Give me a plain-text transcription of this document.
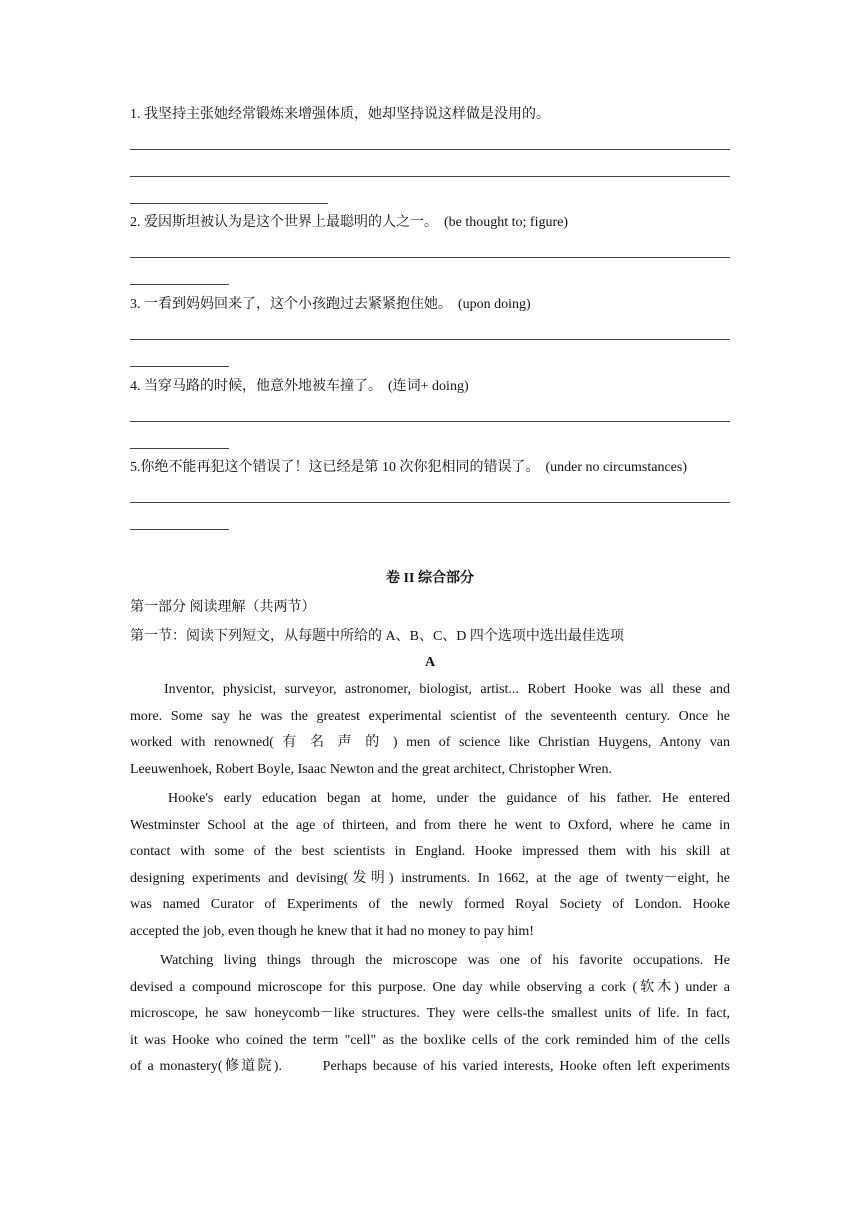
1. 我坚持主张她经常锻炼来增强体质，她却坚持说这样做是没用的。
2. 爱因斯坦被认为是这个世界上最聪明的人之一。 (be thought to; figure)
3. 一看到妈妈回来了，这个小孩跑过去紧紧抱住她。 (upon doing)
4. 当穿马路的时候，他意外地被车撞了。 (连词+ doing)
5.你绝不能再犯这个错误了！这已经是第 10 次你犯相同的错误了。 (under no circumstances)
卷 II 综合部分
第一部分 阅读理解（共两节）
第一节：阅读下列短文，从每题中所给的 A、B、C、D 四个选项中选出最佳选项
A
Inventor, physicist, surveyor, astronomer, biologist, artist... Robert Hooke was all these and
more. Some say he was the greatest experimental scientist of the seventeenth century. Once he
worked with renowned( 有 名 声 的 ) men of science like Christian Huygens, Antony van
Leeuwenhoek, Robert Boyle, Isaac Newton and the great architect, Christopher Wren.
Hooke's early education began at home, under the guidance of his father. He entered
Westminster School at the age of thirteen, and from there he went to Oxford, where he came in
contact with some of the best scientists in England. Hooke impressed them with his skill at
designing experiments and devising(发明) instruments. In 1662, at the age of twenty－eight, he
was named Curator of Experiments of the newly formed Royal Society of London. Hooke
accepted the job, even though he knew that it had no money to pay him!
Watching living things through the microscope was one of his favorite occupations. He
devised a compound microscope for this purpose. One day while observing a cork (软木) under a
microscope, he saw honeycomb－like structures. They were cells-the smallest units of life. In fact,
it was Hooke who coined the term "cell" as the boxlike cells of the cork reminded him of the cells
of a monastery(修道院).       Perhaps because of his varied interests, Hooke often left experiments
